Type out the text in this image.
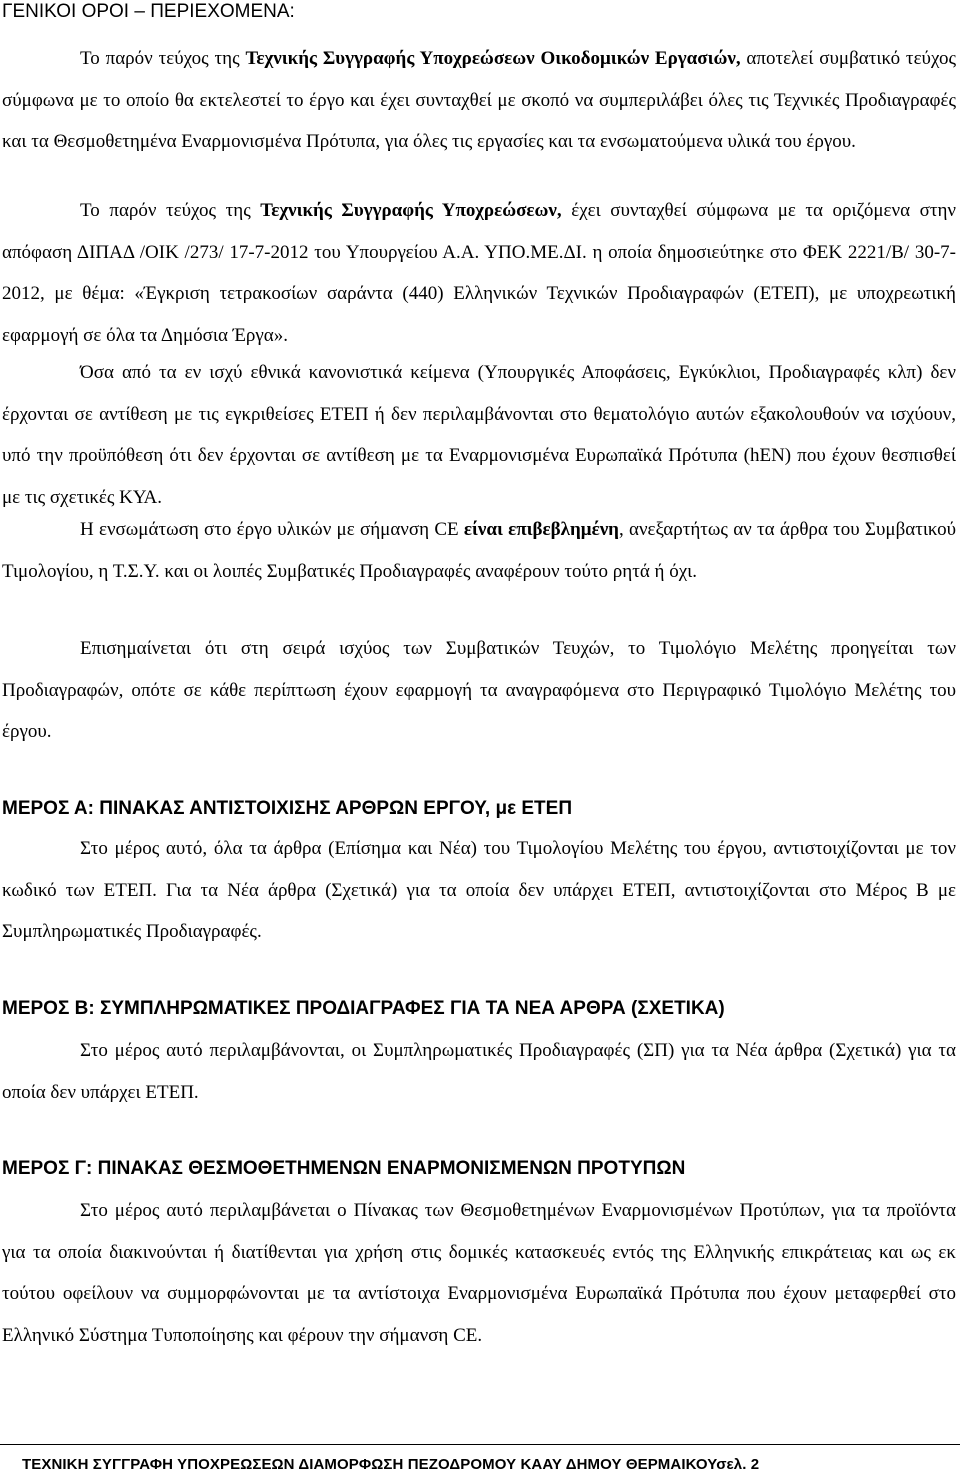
ΓΕΝΙΚΟΙ ΟΡΟΙ – ΠΕΡΙΕΧΟΜΕΝΑ:

Το παρόν τεύχος της Τεχνικής Συγγραφής Υποχρεώσεων Οικοδομικών Εργασιών, αποτελεί συμβατικό τεύχος σύμφωνα με το οποίο θα εκτελεστεί το έργο και έχει συνταχθεί με σκοπό να συμπεριλάβει όλες τις Τεχνικές Προδιαγραφές και τα Θεσμοθετημένα Εναρμονισμένα Πρότυπα, για όλες τις εργασίες και τα ενσωματούμενα υλικά του έργου.

Το παρόν τεύχος της Τεχνικής Συγγραφής Υποχρεώσεων, έχει συνταχθεί σύμφωνα με τα οριζόμενα στην απόφαση ΔΙΠΑΔ /ΟΙΚ /273/ 17-7-2012 του Υπουργείου Α.Α. ΥΠΟ.ΜΕ.ΔΙ. η οποία δημοσιεύτηκε στο ΦΕΚ 2221/Β/ 30-7-2012, με θέμα: «Έγκριση τετρακοσίων σαράντα (440) Ελληνικών Τεχνικών Προδιαγραφών (ΕΤΕΠ), με υποχρεωτική εφαρμογή σε όλα τα Δημόσια Έργα».

Όσα από τα εν ισχύ εθνικά κανονιστικά κείμενα (Υπουργικές Αποφάσεις, Εγκύκλιοι, Προδιαγραφές κλπ) δεν έρχονται σε αντίθεση με τις εγκριθείσες ΕΤΕΠ ή δεν περιλαμβάνονται στο θεματολόγιο αυτών εξακολουθούν να ισχύουν, υπό την προϋπόθεση ότι δεν έρχονται σε αντίθεση με τα Εναρμονισμένα Ευρωπαϊκά Πρότυπα (hEN) που έχουν θεσπισθεί με τις σχετικές ΚΥΑ.

Η ενσωμάτωση στο έργο υλικών με σήμανση CE είναι επιβεβλημένη, ανεξαρτήτως αν τα άρθρα του Συμβατικού Τιμολογίου, η Τ.Σ.Υ. και οι λοιπές Συμβατικές Προδιαγραφές αναφέρουν τούτο ρητά ή όχι.

Επισημαίνεται ότι στη σειρά ισχύος των Συμβατικών Τευχών, το Τιμολόγιο Μελέτης προηγείται των Προδιαγραφών, οπότε σε κάθε περίπτωση έχουν εφαρμογή τα αναγραφόμενα στο Περιγραφικό Τιμολόγιο Μελέτης του έργου.

ΜΕΡΟΣ Α: ΠΙΝΑΚΑΣ ΑΝΤΙΣΤΟΙΧΙΣΗΣ ΑΡΘΡΩΝ ΕΡΓΟΥ, με ΕΤΕΠ

Στο μέρος αυτό, όλα τα άρθρα (Επίσημα και Νέα) του Τιμολογίου Μελέτης του έργου, αντιστοιχίζονται με τον κωδικό των ΕΤΕΠ. Για τα Νέα άρθρα (Σχετικά) για τα οποία δεν υπάρχει ΕΤΕΠ, αντιστοιχίζονται στο Μέρος Β με Συμπληρωματικές Προδιαγραφές.

ΜΕΡΟΣ Β: ΣΥΜΠΛΗΡΩΜΑΤΙΚΕΣ ΠΡΟΔΙΑΓΡΑΦΕΣ ΓΙΑ ΤΑ ΝΕΑ ΑΡΘΡΑ (ΣΧΕΤΙΚΑ)

Στο μέρος αυτό περιλαμβάνονται, οι Συμπληρωματικές Προδιαγραφές (ΣΠ) για τα Νέα άρθρα (Σχετικά) για τα οποία δεν υπάρχει ΕΤΕΠ.

ΜΕΡΟΣ Γ: ΠΙΝΑΚΑΣ ΘΕΣΜΟΘΕΤΗΜΕΝΩΝ ΕΝΑΡΜΟΝΙΣΜΕΝΩΝ ΠΡΟΤΥΠΩΝ

Στο μέρος αυτό περιλαμβάνεται ο Πίνακας των Θεσμοθετημένων Εναρμονισμένων Προτύπων, για τα προϊόντα για τα οποία διακινούνται ή διατίθενται για χρήση στις δομικές κατασκευές εντός της Ελληνικής επικράτειας και ως εκ τούτου οφείλουν να συμμορφώνονται με τα αντίστοιχα Εναρμονισμένα Ευρωπαϊκά Πρότυπα που έχουν μεταφερθεί στο Ελληνικό Σύστημα Τυποποίησης και φέρουν την σήμανση CE.

ΤΕΧΝΙΚΗ ΣΥΓΓΡΑΦΗ ΥΠΟΧΡΕΩΣΕΩΝ ΔΙΑΜΟΡΦΩΣΗ ΠΕΖΟΔΡΟΜΟΥ ΚΑΑΥ ΔΗΜΟΥ ΘΕΡΜΑΙΚΟΥσελ. 2
